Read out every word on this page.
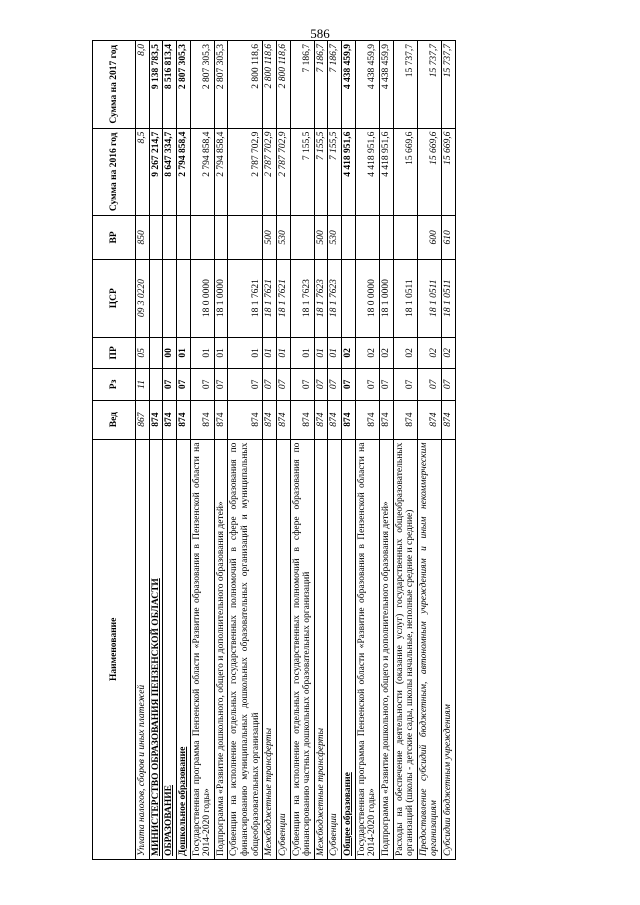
586
Наименование	Вед	Рз	ПР	ЦСР	ВР	Сумма на 2016 год	Сумма на 2017 год
Уплата налогов, сборов и иных платежей	867	11	05	09 3 0220	850	8,5	8,0
МИНИСТЕРСТВО ОБРАЗОВАНИЯ ПЕНЗЕНСКОЙ ОБЛАСТИ	874					9 267 214,7	9 138 783,5
ОБРАЗОВАНИЕ	874	07	00			8 647 334,7	8 516 813,4
Дошкольное образование	874	07	01			2 794 858,4	2 807 305,3
Государственная программа Пензенской области «Развитие образования в Пензенской области на 2014-2020 годы»	874	07	01	18 0 0000		2 794 858,4	2 807 305,3
Подпрограмма «Развитие дошкольного, общего и дополнительного образования детей»	874	07	01	18 1 0000		2 794 858,4	2 807 305,3
Субвенции на исполнение отдельных государственных полномочий в сфере образования по финансированию муниципальных дошкольных образовательных организаций и муниципальных общеобразовательных организаций	874	07	01	18 1 7621		2 787 702,9	2 800 118,6
Межбюджетные трансферты	874	07	01	18 1 7621	500	2 787 702,9	2 800 118,6
Субвенции	874	07	01	18 1 7621	530	2 787 702,9	2 800 118,6
Субвенции на исполнение отдельных государственных полномочий в сфере образования по финансированию частных дошкольных образовательных организаций	874	07	01	18 1 7623		7 155,5	7 186,7
Межбюджетные трансферты	874	07	01	18 1 7623	500	7 155,5	7 186,7
Субвенции	874	07	01	18 1 7623	530	7 155,5	7 186,7
Общее образование	874	07	02			4 418 951,6	4 438 459,9
Государственная программа Пензенской области «Развитие образования в Пензенской области на 2014-2020 годы»	874	07	02	18 0 0000		4 418 951,6	4 438 459,9
Подпрограмма «Развитие дошкольного, общего и дополнительного образования детей»	874	07	02	18 1 0000		4 418 951,6	4 438 459,9
Расходы на обеспечение деятельности (оказание услуг) государственных общеобразовательных организаций (школы - детские сады, школы начальные, неполные средние и средние)	874	07	02	18 1 0511		15 669,6	15 737,7
Предоставление субсидий бюджетным, автономным учреждениям и иным некоммерческим организациям	874	07	02	18 1 0511	600	15 669,6	15 737,7
Субсидии бюджетным учреждениям	874	07	02	18 1 0511	610	15 669,6	15 737,7
